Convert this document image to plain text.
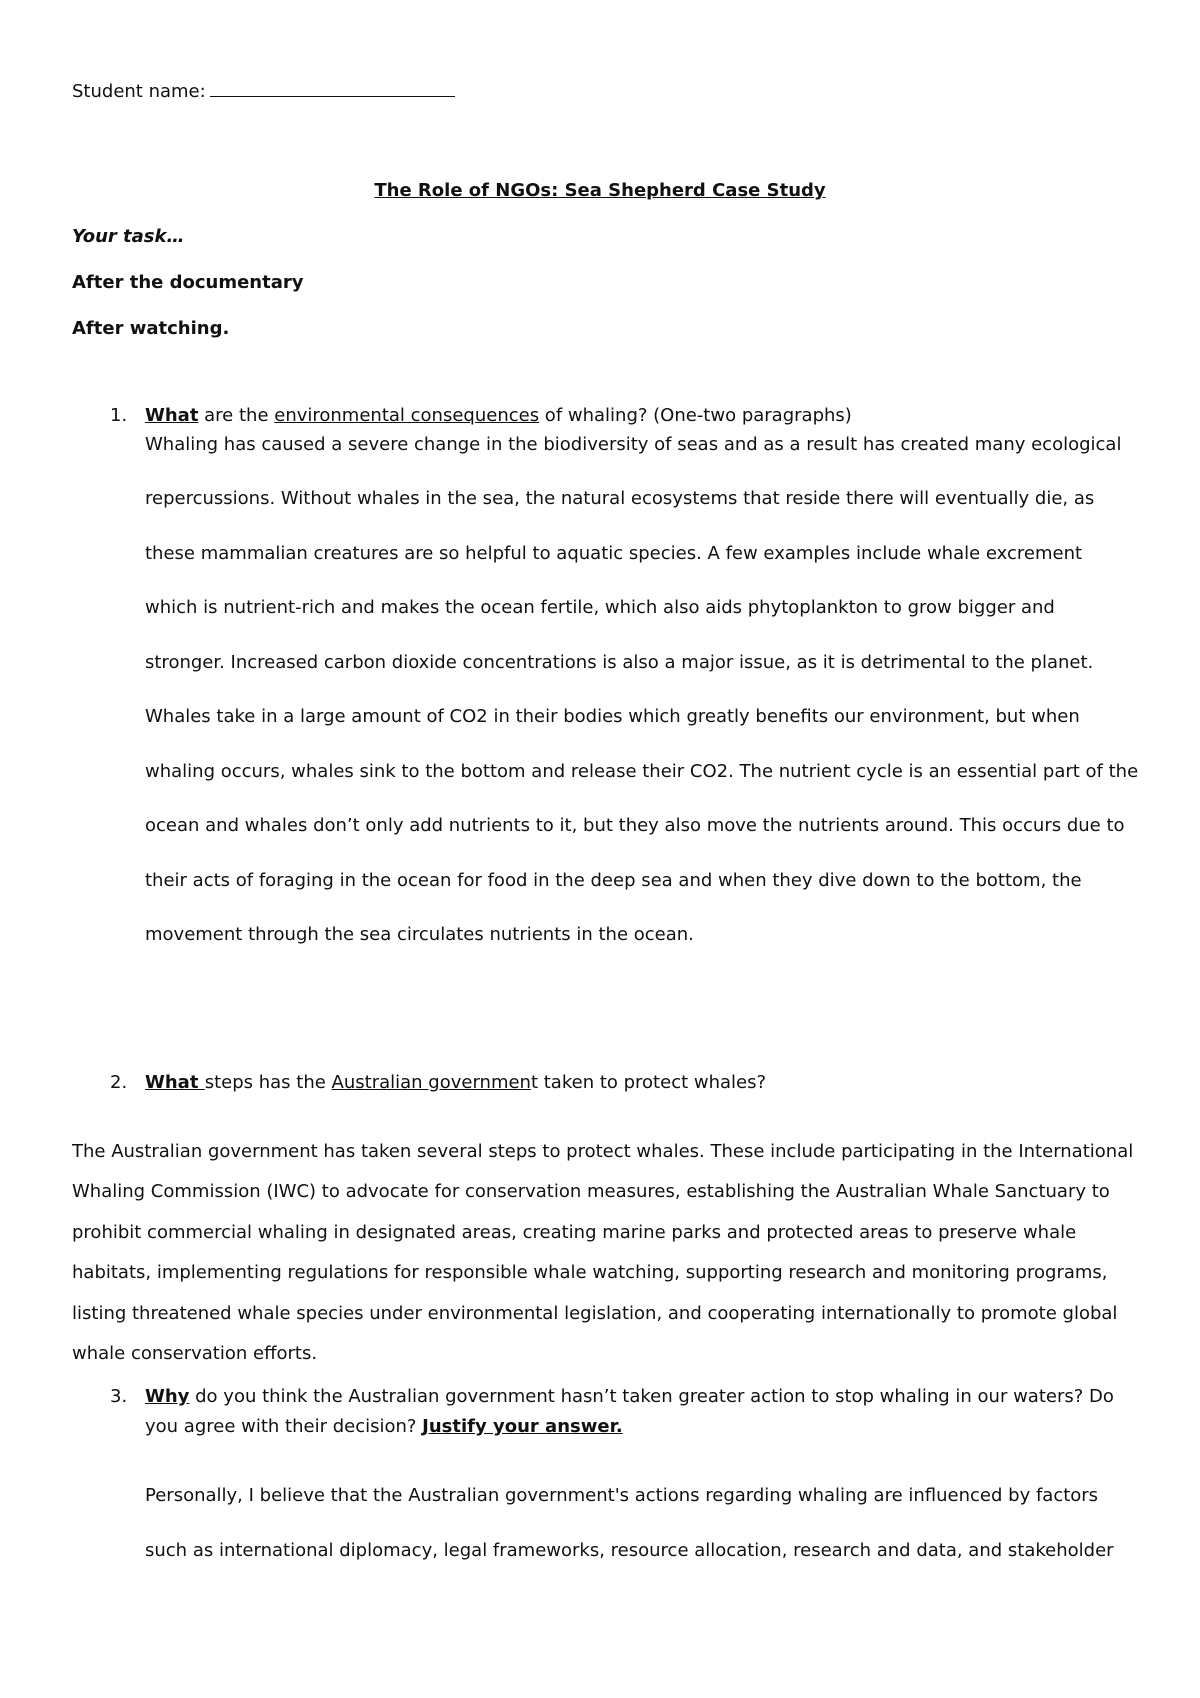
Student name:
The Role of NGOs: Sea Shepherd Case Study
Your task…
After the documentary
After watching.
1. What are the environmental consequences of whaling? (One-two paragraphs)
Whaling has caused a severe change in the biodiversity of seas and as a result has created many ecological
repercussions. Without whales in the sea, the natural ecosystems that reside there will eventually die, as
these mammalian creatures are so helpful to aquatic species. A few examples include whale excrement
which is nutrient-rich and makes the ocean fertile, which also aids phytoplankton to grow bigger and
stronger. Increased carbon dioxide concentrations is also a major issue, as it is detrimental to the planet.
Whales take in a large amount of CO2 in their bodies which greatly benefits our environment, but when
whaling occurs, whales sink to the bottom and release their CO2. The nutrient cycle is an essential part of the
ocean and whales don’t only add nutrients to it, but they also move the nutrients around. This occurs due to
their acts of foraging in the ocean for food in the deep sea and when they dive down to the bottom, the
movement through the sea circulates nutrients in the ocean.
2. What steps has the Australian government taken to protect whales?
The Australian government has taken several steps to protect whales. These include participating in the International
Whaling Commission (IWC) to advocate for conservation measures, establishing the Australian Whale Sanctuary to
prohibit commercial whaling in designated areas, creating marine parks and protected areas to preserve whale
habitats, implementing regulations for responsible whale watching, supporting research and monitoring programs,
listing threatened whale species under environmental legislation, and cooperating internationally to promote global
whale conservation efforts.
3. Why do you think the Australian government hasn’t taken greater action to stop whaling in our waters? Do
you agree with their decision? Justify your answer.
Personally, I believe that the Australian government's actions regarding whaling are influenced by factors
such as international diplomacy, legal frameworks, resource allocation, research and data, and stakeholder
